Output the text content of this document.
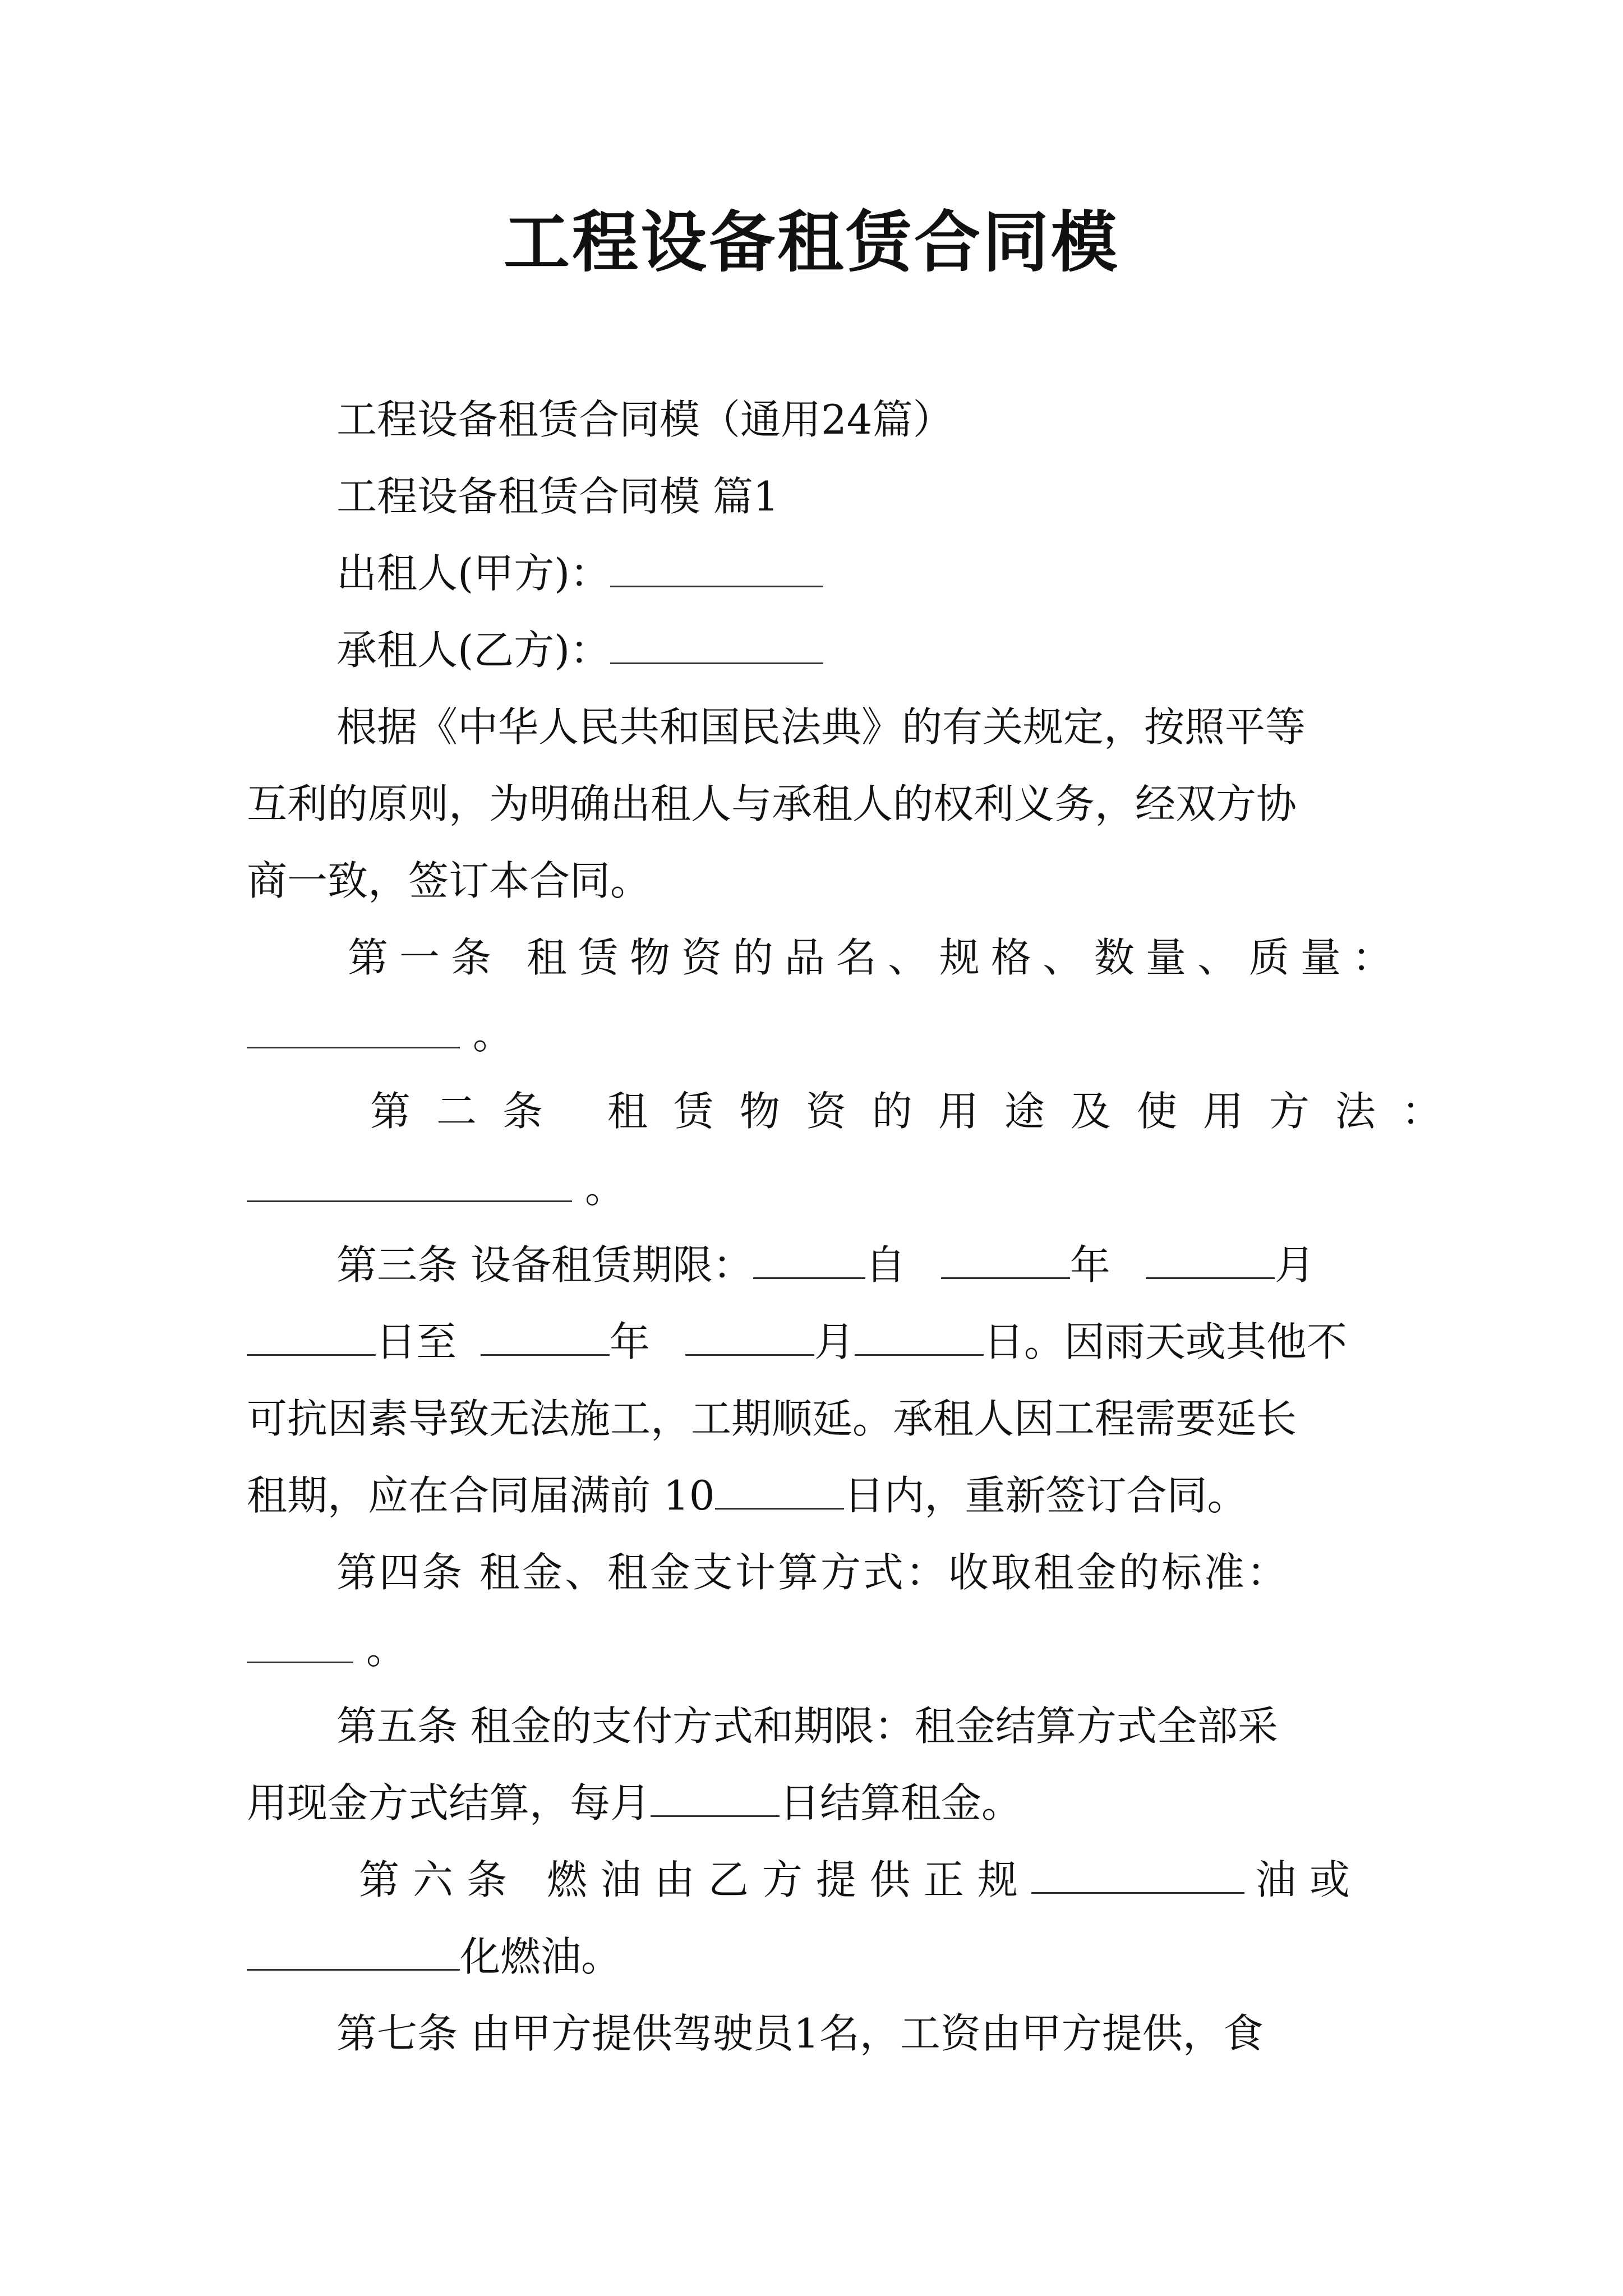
工程设备租赁合同模
工程设备租赁合同模（通用24篇）
工程设备租赁合同模 篇1
出租人(甲方)：
承租人(乙方)：
根据《中华人民共和国民法典》的有关规定，按照平等
互利的原则，为明确出租人与承租人的权利义务，经双方协
商一致，签订本合同。
第一条 租赁物资的品名、规格、数量、质量：
。
第二条 租赁物资的用途及使用方法：
。
第三条 设备租赁期限：	自	年	月
日至	年	月	日。因雨天或其他不
可抗因素导致无法施工，工期顺延。承租人因工程需要延长
租期，应在合同届满前 10	日内，重新签订合同。
第四条 租金、租金支计算方式：收取租金的标准：
。
第五条 租金的支付方式和期限：租金结算方式全部采
用现金方式结算，每月	日结算租金。
第六条 燃油由乙方提供正规	油或
化燃油。
第七条 由甲方提供驾驶员1名，工资由甲方提供，食
